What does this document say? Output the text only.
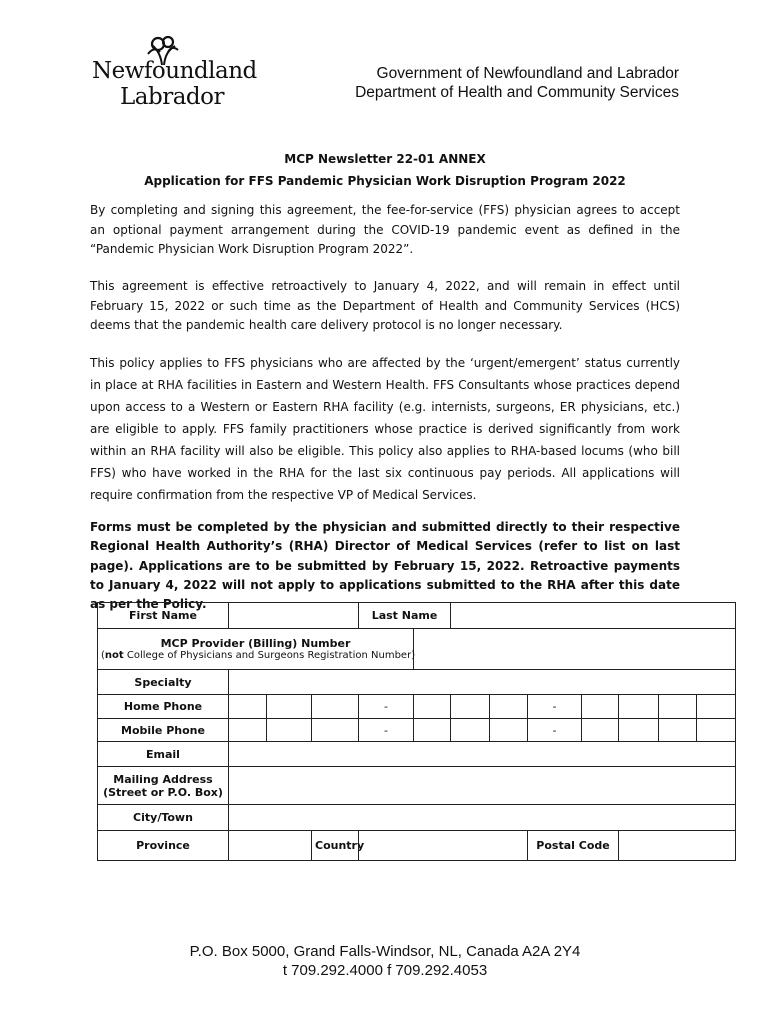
Newfoundland
Labrador
Government of Newfoundland and Labrador
Department of Health and Community Services
MCP Newsletter 22-01 ANNEX
Application for FFS Pandemic Physician Work Disruption Program 2022

By completing and signing this agreement, the fee-for-service (FFS) physician agrees to accept an optional payment arrangement during the COVID-19 pandemic event as defined in the “Pandemic Physician Work Disruption Program 2022”.

This agreement is effective retroactively to January 4, 2022, and will remain in effect until February 15, 2022 or such time as the Department of Health and Community Services (HCS) deems that the pandemic health care delivery protocol is no longer necessary.

This policy applies to FFS physicians who are affected by the ‘urgent/emergent’ status currently in place at RHA facilities in Eastern and Western Health. FFS Consultants whose practices depend upon access to a Western or Eastern RHA facility (e.g. internists, surgeons, ER physicians, etc.) are eligible to apply. FFS family practitioners whose practice is derived significantly from work within an RHA facility will also be eligible. This policy also applies to RHA-based locums (who bill FFS) who have worked in the RHA for the last six continuous pay periods. All applications will require confirmation from the respective VP of Medical Services.

Forms must be completed by the physician and submitted directly to their respective Regional Health Authority’s (RHA) Director of Medical Services (refer to list on last page). Applications are to be submitted by February 15, 2022. Retroactive payments to January 4, 2022 will not apply to applications submitted to the RHA after this date as per the Policy.

First Name				Last Name								

MCP Provider (Billing) Number
(not College of Physicians and Surgeons Registration Number)												

Specialty												
Home Phone				-				-				
Mobile Phone				-				-				
Email												

Mailing Address
(Street or P.O. Box)												

City/Town												
Province			Country					Postal Code				
P.O. Box 5000, Grand Falls-Windsor, NL, Canada A2A 2Y4
t 709.292.4000 f 709.292.4053
